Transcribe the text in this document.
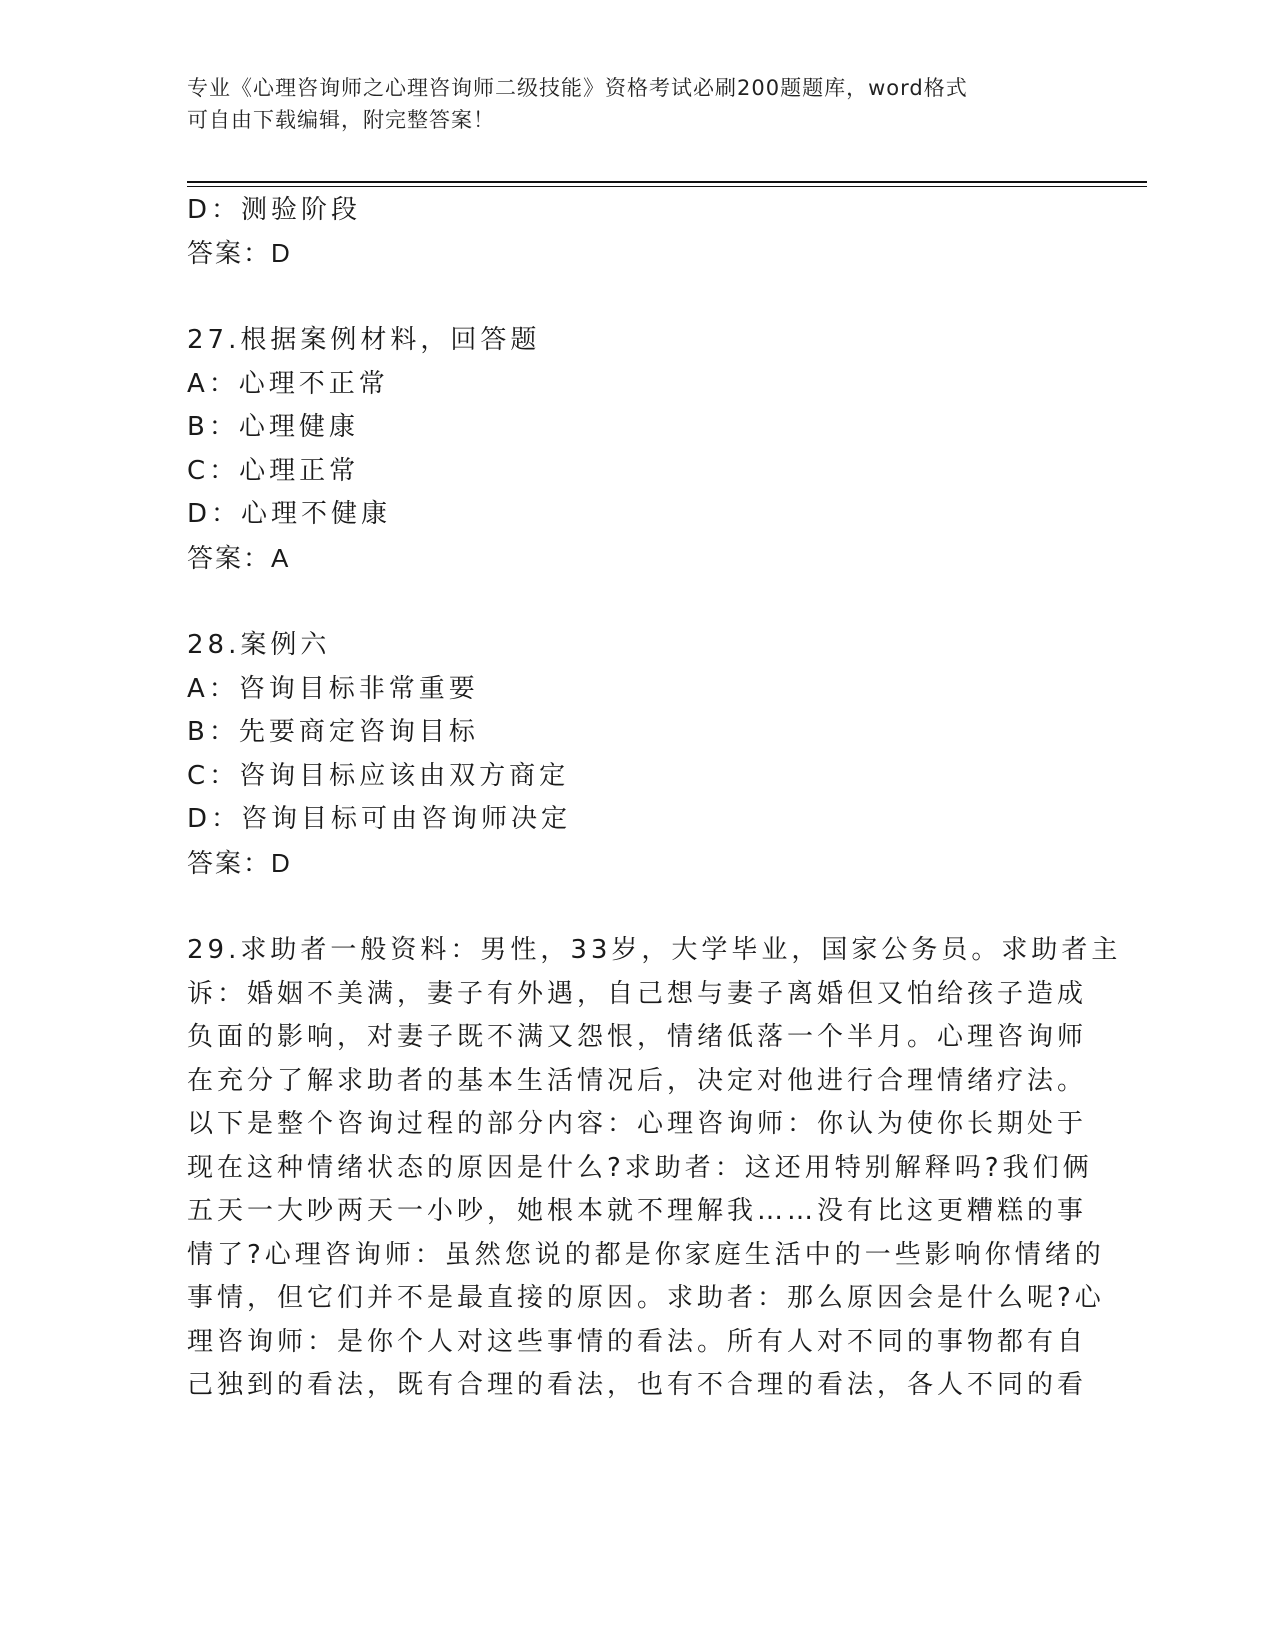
专业《心理咨询师之心理咨询师二级技能》资格考试必刷200题题库，word格式
可自由下载编辑，附完整答案！
D：测验阶段
答案：D
27.根据案例材料，回答题
A：心理不正常
B：心理健康
C：心理正常
D：心理不健康
答案：A
28.案例六
A：咨询目标非常重要
B：先要商定咨询目标
C：咨询目标应该由双方商定
D：咨询目标可由咨询师决定
答案：D
29.求助者一般资料：男性，33岁，大学毕业，国家公务员。求助者主
诉：婚姻不美满，妻子有外遇，自己想与妻子离婚但又怕给孩子造成
负面的影响，对妻子既不满又怨恨，情绪低落一个半月。心理咨询师
在充分了解求助者的基本生活情况后，决定对他进行合理情绪疗法。
以下是整个咨询过程的部分内容：心理咨询师：你认为使你长期处于
现在这种情绪状态的原因是什么?求助者：这还用特别解释吗?我们俩
五天一大吵两天一小吵，她根本就不理解我……没有比这更糟糕的事
情了?心理咨询师：虽然您说的都是你家庭生活中的一些影响你情绪的
事情，但它们并不是最直接的原因。求助者：那么原因会是什么呢?心
理咨询师：是你个人对这些事情的看法。所有人对不同的事物都有自
己独到的看法，既有合理的看法，也有不合理的看法，各人不同的看
